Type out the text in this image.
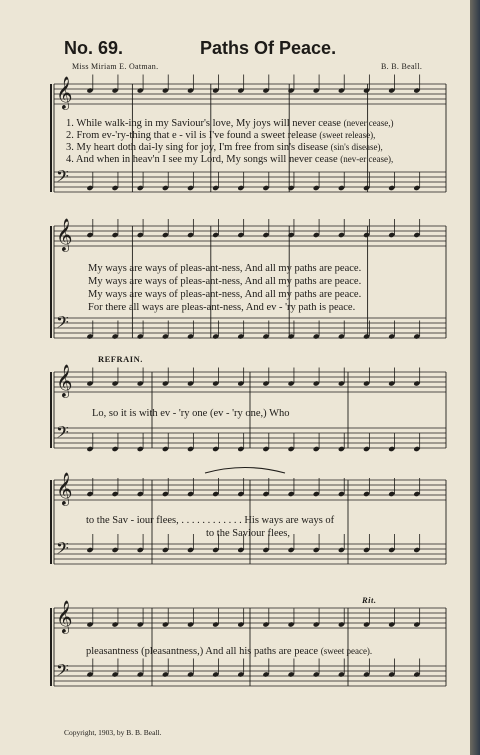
𝄞
𝄢
𝄞
𝄢
𝄞
𝄢
𝄞
𝄢
𝄞
𝄢
No. 69.	Paths Of Peace.
Miss Miriam E. Oatman.	B. B. Beall.
1. While walk-ing in my Saviour's love, My joys will never cease (never cease,)
2. From ev-'ry-thing that e - vil is I've found a sweet release (sweet release),
3. My heart doth dai-ly sing for joy, I'm free from sin's disease (sin's disease),
4. And when in heav'n I see my Lord, My songs will never cease (nev-er cease),
My ways are ways of pleas-ant-ness, And all my paths are peace.
My ways are ways of pleas-ant-ness, And all my paths are peace.
My ways are ways of pleas-ant-ness, And all my paths are peace.
For there all ways are pleas-ant-ness, And ev - 'ry path is peace.
REFRAIN.
Lo, so it is with ev - 'ry one (ev - 'ry one,) Who
to the Sav - iour flees, . . . . . . . . . . . . His ways are ways of
to the Saviour flees,
Rit.
pleasantness (pleasantness,) And all his paths are peace (sweet peace).
Copyright, 1903, by B. B. Beall.
